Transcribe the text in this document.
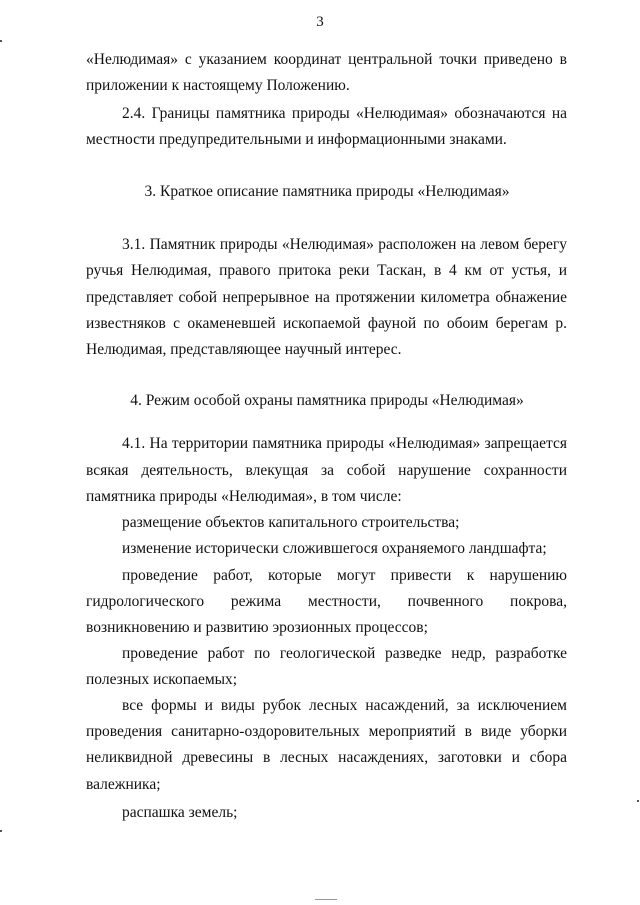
3
«Нелюдимая» с указанием координат центральной точки приведено в
приложении к настоящему Положению.
2.4. Границы памятника природы «Нелюдимая» обозначаются на
местности предупредительными и информационными знаками.
3. Краткое описание памятника природы «Нелюдимая»
3.1. Памятник природы «Нелюдимая» расположен на левом берегу
ручья Нелюдимая, правого притока реки Таскан, в 4 км от устья, и
представляет собой непрерывное на протяжении километра обнажение
известняков с окаменевшей ископаемой фауной по обоим берегам р.
Нелюдимая, представляющее научный интерес.
4. Режим особой охраны памятника природы «Нелюдимая»
4.1. На территории памятника природы «Нелюдимая» запрещается
всякая деятельность, влекущая за собой нарушение сохранности
памятника природы «Нелюдимая», в том числе:
размещение объектов капитального строительства;
изменение исторически сложившегося охраняемого ландшафта;
проведение работ, которые могут привести к нарушению
гидрологического режима местности, почвенного покрова,
возникновению и развитию эрозионных процессов;
проведение работ по геологической разведке недр, разработке
полезных ископаемых;
все формы и виды рубок лесных насаждений, за исключением
проведения санитарно-оздоровительных мероприятий в виде уборки
неликвидной древесины в лесных насаждениях, заготовки и сбора
валежника;
распашка земель;
